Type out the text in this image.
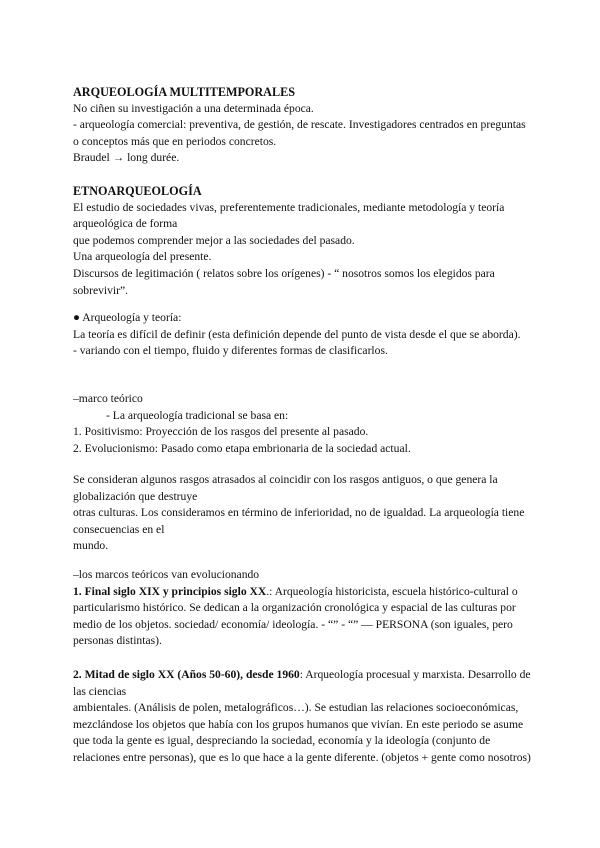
ARQUEOLOGÍA MULTITEMPORALES
No ciñen su investigación a una determinada época.
- arqueología comercial: preventiva, de gestión, de rescate. Investigadores centrados en preguntas o conceptos más que en periodos concretos.
Braudel → long durée.
ETNOARQUEOLOGÍA
El estudio de sociedades vivas, preferentemente tradicionales, mediante metodología y teoría arqueológica de forma
que podemos comprender mejor a las sociedades del pasado.
Una arqueología del presente.
Discursos de legitimación ( relatos sobre los orígenes) - “ nosotros somos los elegidos para sobrevivir”.
● Arqueología y teoría:
La teoría es difícil de definir (esta definición depende del punto de vista desde el que se aborda).
- variando con el tiempo, fluido y diferentes formas de clasificarlos.
–marco teórico
- La arqueología tradicional se basa en:
1. Positivismo: Proyección de los rasgos del presente al pasado.
2. Evolucionismo: Pasado como etapa embrionaria de la sociedad actual.
Se consideran algunos rasgos atrasados al coincidir con los rasgos antiguos, o que genera la globalización que destruye
otras culturas. Los consideramos en término de inferioridad, no de igualdad. La arqueología tiene consecuencias en el
mundo.
–los marcos teóricos van evolucionando
1. Final siglo XIX y principios siglo XX.: Arqueología historicista, escuela histórico-cultural o particularismo histórico. Se dedican a la organización cronológica y espacial de las culturas por medio de los objetos. sociedad/ economía/ ideología. - “” - “” — PERSONA (son iguales, pero personas distintas).
2. Mitad de siglo XX (Años 50-60), desde 1960: Arqueología procesual y marxista. Desarrollo de las ciencias
ambientales. (Análisis de polen, metalográficos…). Se estudian las relaciones socioeconómicas, mezclándose los objetos que había con los grupos humanos que vivían. En este periodo se asume que toda la gente es igual, despreciando la sociedad, economía y la ideología (conjunto de relaciones entre personas), que es lo que hace a la gente diferente. (objetos + gente como nosotros)
